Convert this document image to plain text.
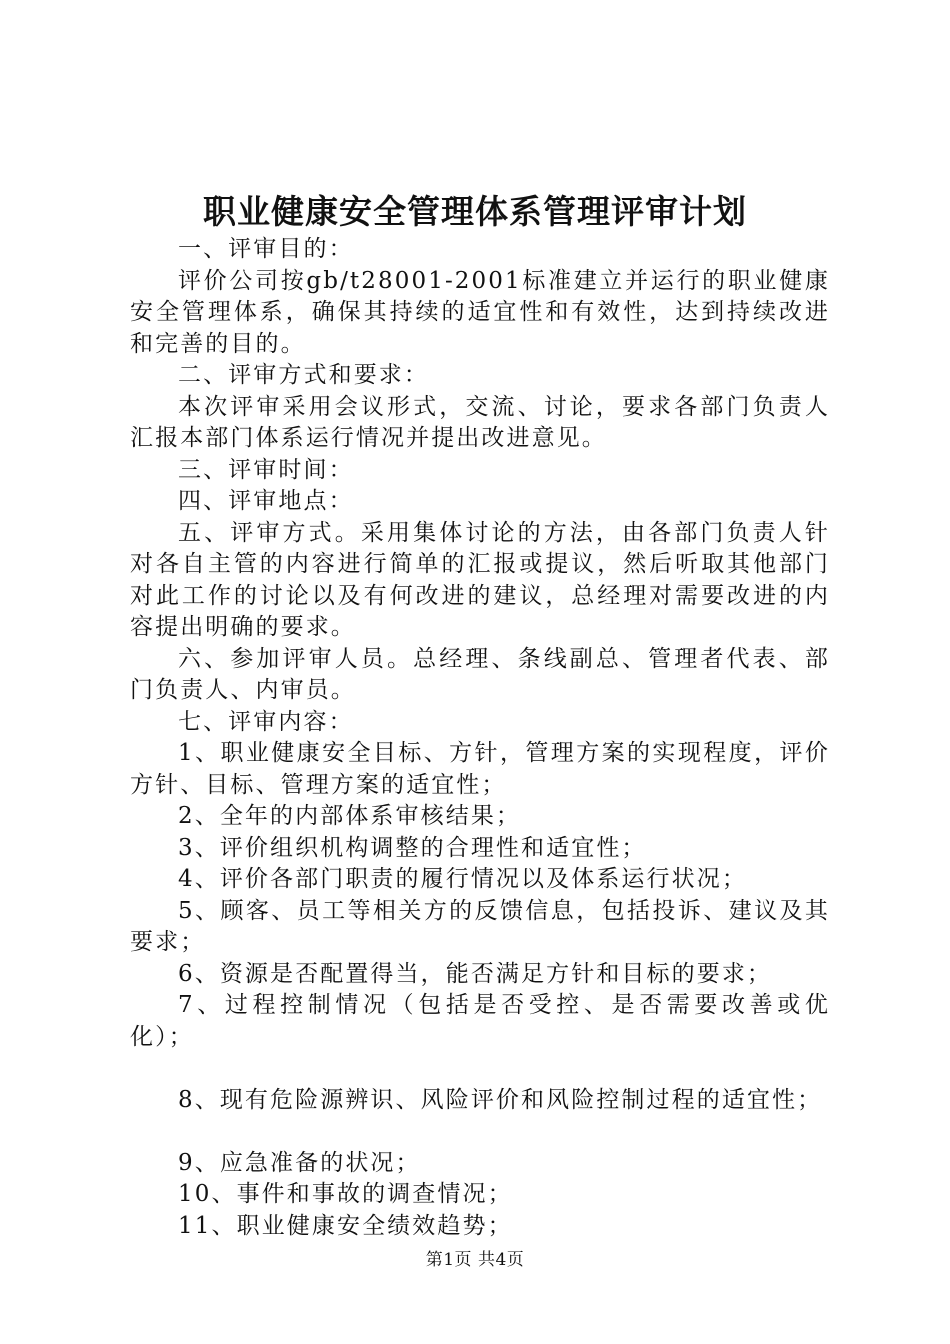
职业健康安全管理体系管理评审计划

一、评审目的：

评价公司按gb/t28001-2001标准建立并运行的职业健康安全管理体系，确保其持续的适宜性和有效性，达到持续改进和完善的目的。

二、评审方式和要求：

本次评审采用会议形式，交流、讨论，要求各部门负责人汇报本部门体系运行情况并提出改进意见。

三、评审时间：

四、评审地点：

五、评审方式。采用集体讨论的方法，由各部门负责人针对各自主管的内容进行简单的汇报或提议，然后听取其他部门对此工作的讨论以及有何改进的建议，总经理对需要改进的内容提出明确的要求。

六、参加评审人员。总经理、条线副总、管理者代表、部门负责人、内审员。

七、评审内容：

1、职业健康安全目标、方针，管理方案的实现程度，评价方针、目标、管理方案的适宜性；

2、全年的内部体系审核结果；

3、评价组织机构调整的合理性和适宜性；

4、评价各部门职责的履行情况以及体系运行状况；

5、顾客、员工等相关方的反馈信息，包括投诉、建议及其要求；

6、资源是否配置得当，能否满足方针和目标的要求；

7、过程控制情况（包括是否受控、是否需要改善或优化）；

8、现有危险源辨识、风险评价和风险控制过程的适宜性；

9、应急准备的状况；

10、事件和事故的调查情况；

11、职业健康安全绩效趋势；

第1页 共4页
